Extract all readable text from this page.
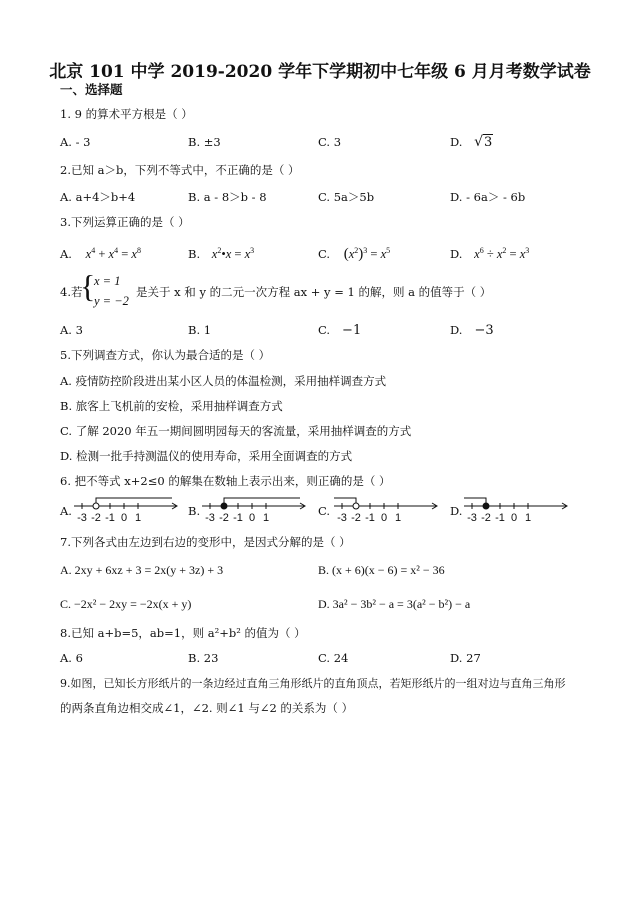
北京 101 中学 2019-2020 学年下学期初中七年级 6 月月考数学试卷
一、选择题
1. 9 的算术平方根是（ ）
A. - 3	B. ±3	C. 3	D. √3
2.已知 a＞b，下列不等式中，不正确的是（ ）
A. a+4＞b+4	B. a - 8＞b - 8	C. 5a＞5b	D. - 6a＞ - 6b
3.下列运算正确的是（ ）
A. $x^4 + x^4 = x^8$	B. $x^2•x = x^3$	C. $(x^2)^3 = x^5$	D. $x^6 \div x^2 = x^3$
4.若
{
x = 1
y = −2
是关于 x 和 y 的二元一次方程 ax + y = 1 的解，则 a 的值等于（ ）
A. 3	B. 1	C. −1	D. −3
5.下列调查方式，你认为最合适的是（ ）
A. 疫情防控阶段进出某小区人员的体温检测，采用抽样调查方式
B. 旅客上飞机前的安检，采用抽样调查方式
C. 了解 2020 年五一期间圆明园每天的客流量，采用抽样调查的方式
D. 检测一批手持测温仪的使用寿命，采用全面调查的方式
6. 把不等式 x+2≤0 的解集在数轴上表示出来，则正确的是（ ）
A.	B.	C.	D.
-3 -2 -1 0 1	-3 -2 -1 0 1	-3 -2 -1 0 1	-3 -2 -1 0 1
7.下列各式由左边到右边的变形中，是因式分解的是（ ）
A. 2xy + 6xz + 3 = 2x(y + 3z) + 3	B. (x + 6)(x − 6) = x² − 36
C. −2x² − 2xy = −2x(x + y)	D. 3a² − 3b² − a = 3(a² − b²) − a
8.已知 a+b=5，ab=1，则 a²+b² 的值为（ ）
A. 6	B. 23	C. 24	D. 27
9.如图，已知长方形纸片的一条边经过直角三角形纸片的直角顶点，若矩形纸片的一组对边与直角三角形
的两条直角边相交成∠1，∠2. 则∠1 与∠2 的关系为（ ）
